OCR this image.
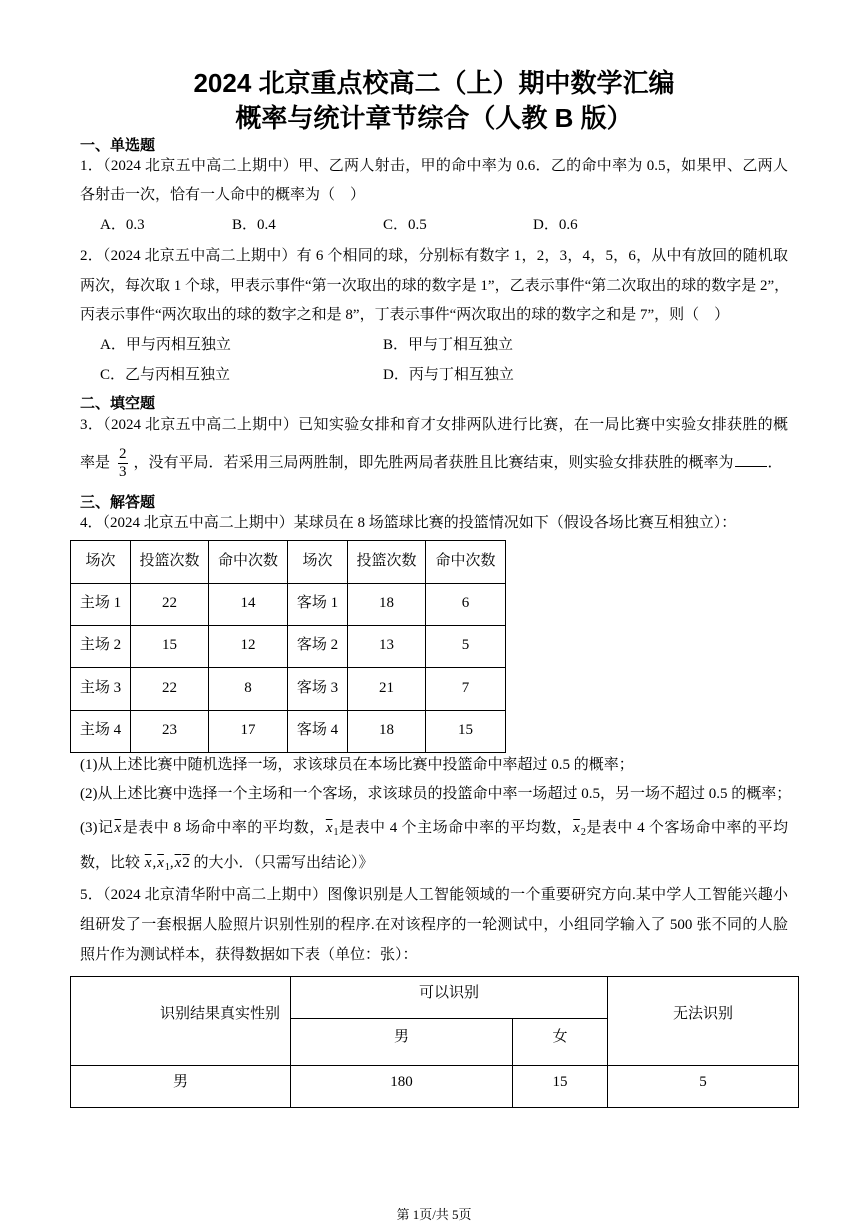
2024 北京重点校高二（上）期中数学汇编
概率与统计章节综合（人教 B 版）
一、单选题
1．（2024 北京五中高二上期中）甲、乙两人射击，甲的命中率为 0.6．乙的命中率为 0.5，如果甲、乙两人
各射击一次，恰有一人命中的概率为（    ）
A．0.3	B．0.4	C．0.5	D．0.6
2．（2024 北京五中高二上期中）有 6 个相同的球，分别标有数字 1，2，3，4，5，6，从中有放回的随机取
两次，每次取 1 个球，甲表示事件“第一次取出的球的数字是 1”，乙表示事件“第二次取出的球的数字是 2”，
丙表示事件“两次取出的球的数字之和是 8”，丁表示事件“两次取出的球的数字之和是 7”，则（    ）
A．甲与丙相互独立	B．甲与丁相互独立
C．乙与丙相互独立	D．丙与丁相互独立
二、填空题
3．（2024 北京五中高二上期中）已知实验女排和育才女排两队进行比赛，在一局比赛中实验女排获胜的概
率是 $\frac{2}{3}$ ，没有平局．若采用三局两胜制，即先胜两局者获胜且比赛结束，则实验女排获胜的概率为 ．
三、解答题
4．（2024 北京五中高二上期中）某球员在 8 场篮球比赛的投篮情况如下（假设各场比赛互相独立）：
场次	投篮次数	命中次数	场次	投篮次数	命中次数
主场 1	22	14	客场 1	18	6
主场 2	15	12	客场 2	13	5
主场 3	22	8	客场 3	21	7
主场 4	23	17	客场 4	18	15
(1)从上述比赛中随机选择一场，求该球员在本场比赛中投篮命中率超过 0.5 的概率；
(2)从上述比赛中选择一个主场和一个客场，求该球员的投篮命中率一场超过 0.5，另一场不超过 0.5 的概率；
(3)记$\overline{x}$是表中 8 场命中率的平均数，$\overline{x}_1$是表中 4 个主场命中率的平均数，$\overline{x}_2$是表中 4 个客场命中率的平均
数，比较 $\overline{x},\overline{x}_1,\overline{x}2$ 的大小．（只需写出结论）》
5．（2024 北京清华附中高二上期中）图像识别是人工智能领域的一个重要研究方向.某中学人工智能兴趣小
组研发了一套根据人脸照片识别性别的程序.在对该程序的一轮测试中，小组同学输入了 500 张不同的人脸
照片作为测试样本，获得数据如下表（单位：张）：
识别结果真实性别	可以识别		无法识别
	男	女	
男	180	15	5
第 1页/共 5页
